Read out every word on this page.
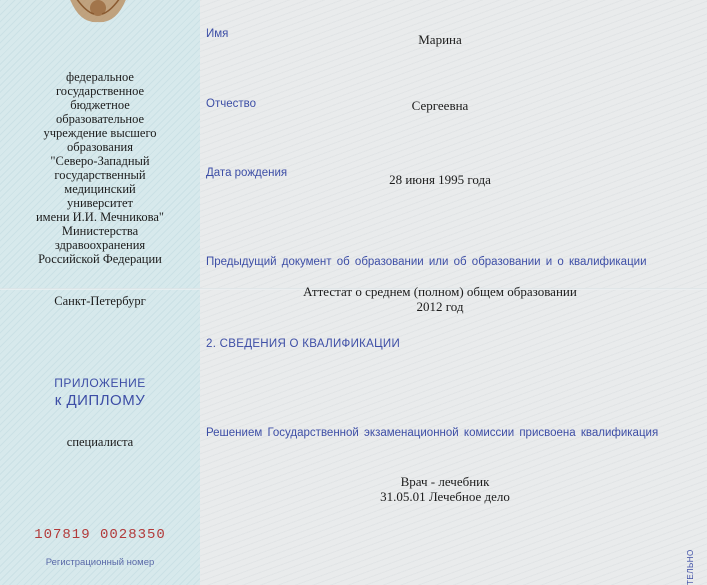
федеральное
государственное
бюджетное
образовательное
учреждение высшего
образования
"Северо-Западный
государственный
медицинский
университет
имени И.И. Мечникова"
Министерства
здравоохранения
Российской Федерации
Санкт-Петербург
ПРИЛОЖЕНИЕ
к ДИПЛОМУ
специалиста
107819 0028350
Регистрационный номер
Имя	Марина
Отчество	Сергеевна
Дата рождения	28 июня 1995 года
Предыдущий документ об образовании или об образовании и о квалификации
Аттестат о среднем (полном) общем образовании
2012 год
2. СВЕДЕНИЯ О КВАЛИФИКАЦИИ
Решением Государственной экзаменационной комиссии присвоена квалификация
Врач - лечебник
31.05.01 Лечебное дело
ТЕЛЬНО
